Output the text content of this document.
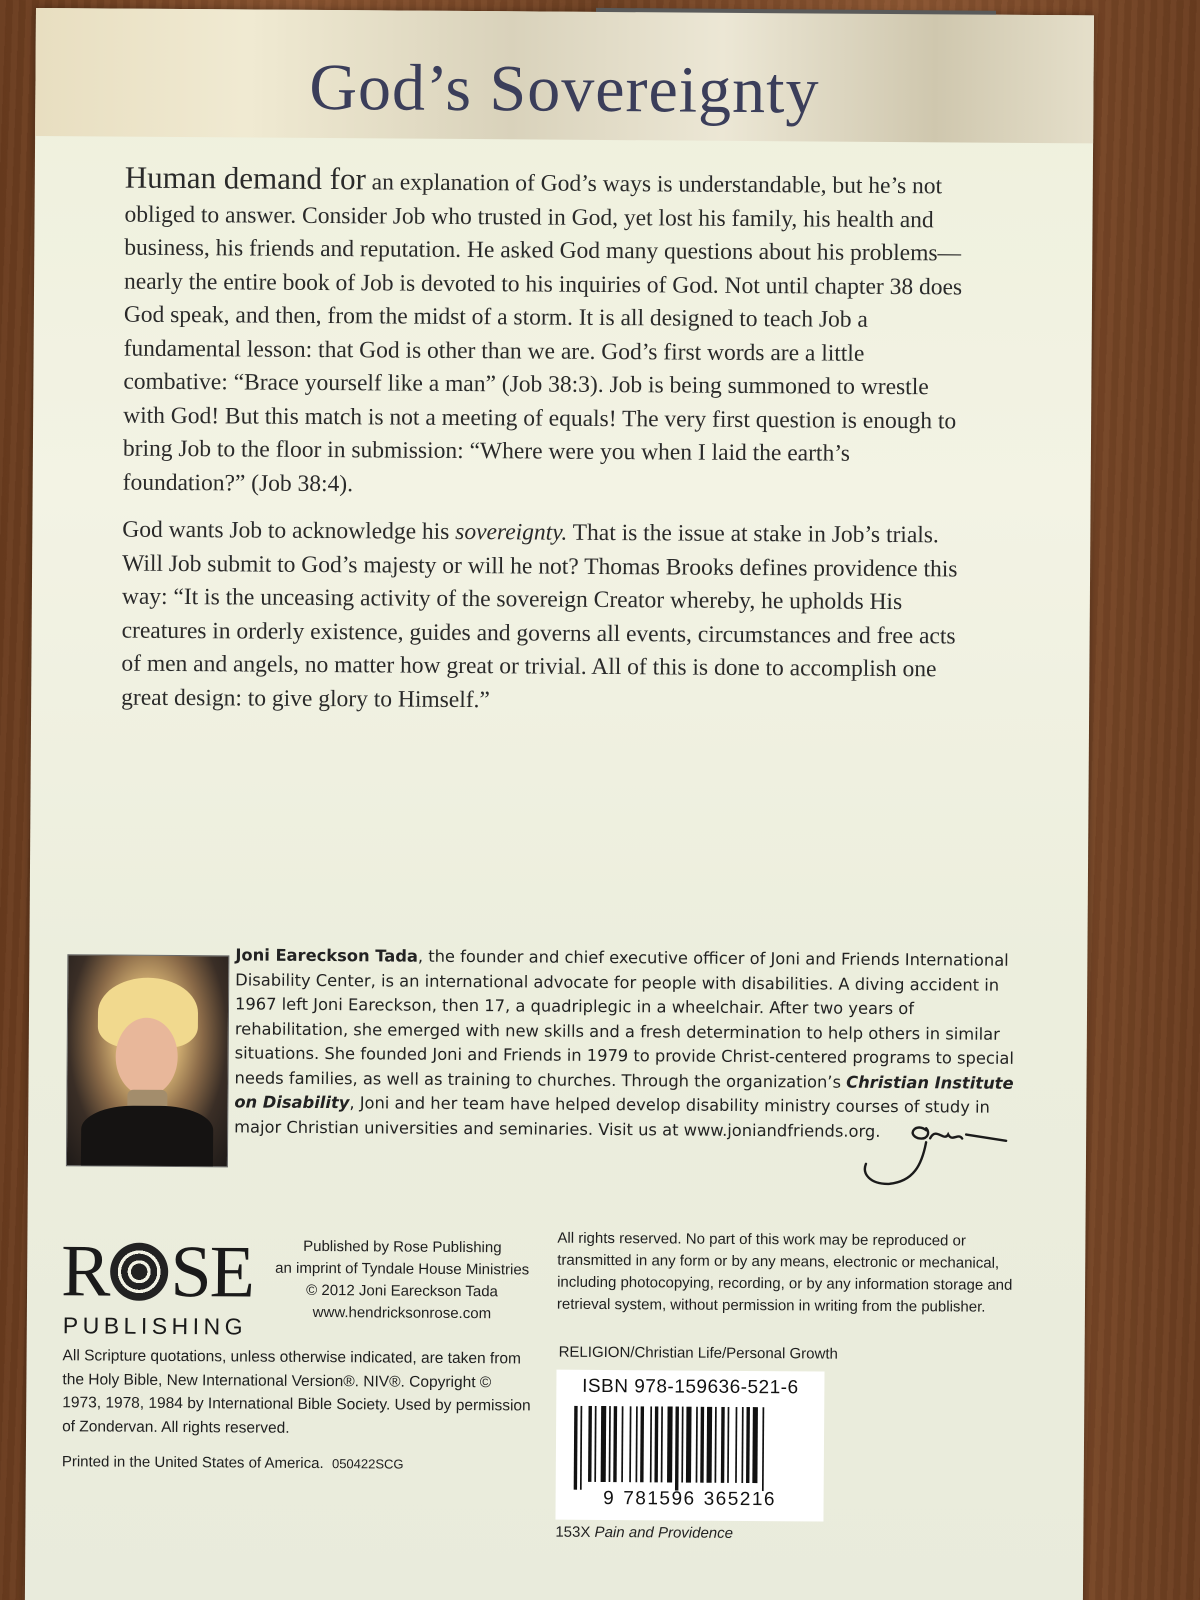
God’s Sovereignty

Human demand for an explanation of God’s ways is understandable, but he’s not obliged to answer. Consider Job who trusted in God, yet lost his family, his health and business, his friends and reputation. He asked God many questions about his problems—nearly the entire book of Job is devoted to his inquiries of God. Not until chapter 38 does God speak, and then, from the midst of a storm. It is all designed to teach Job a fundamental lesson: that God is other than we are. God’s first words are a little combative: “Brace yourself like a man” (Job 38:3). Job is being summoned to wrestle with God! But this match is not a meeting of equals! The very first question is enough to bring Job to the floor in submission: “Where were you when I laid the earth’s foundation?” (Job 38:4).

God wants Job to acknowledge his sovereignty. That is the issue at stake in Job’s trials. Will Job submit to God’s majesty or will he not? Thomas Brooks defines providence this way: “It is the unceasing activity of the sovereign Creator whereby, he upholds His creatures in orderly existence, guides and governs all events, circumstances and free acts of men and angels, no matter how great or trivial. All of this is done to accomplish one great design: to give glory to Himself.”

Joni Eareckson Tada, the founder and chief executive officer of Joni and Friends International Disability Center, is an international advocate for people with disabilities. A diving accident in 1967 left Joni Eareckson, then 17, a quadriplegic in a wheelchair. After two years of rehabilitation, she emerged with new skills and a fresh determination to help others in similar situations. She founded Joni and Friends in 1979 to provide Christ-centered programs to special needs families, as well as training to churches. Through the organization’s Christian Institute on Disability, Joni and her team have helped develop disability ministry courses of study in major Christian universities and seminaries. Visit us at www.joniandfriends.org.
R SE
PUBLISHING
Published by Rose Publishing
an imprint of Tyndale House Ministries
© 2012 Joni Eareckson Tada
www.hendricksonrose.com
All rights reserved. No part of this work may be reproduced or transmitted in any form or by any means, electronic or mechanical, including photocopying, recording, or by any information storage and retrieval system, without permission in writing from the publisher.
RELIGION/Christian Life/Personal Growth
All Scripture quotations, unless otherwise indicated, are taken from the Holy Bible, New International Version®. NIV®. Copyright © 1973, 1978, 1984 by International Bible Society. Used by permission of Zondervan. All rights reserved.
Printed in the United States of America. 050422SCG
ISBN 978-159636-521-6
9 781596 365216
153X Pain and Providence
